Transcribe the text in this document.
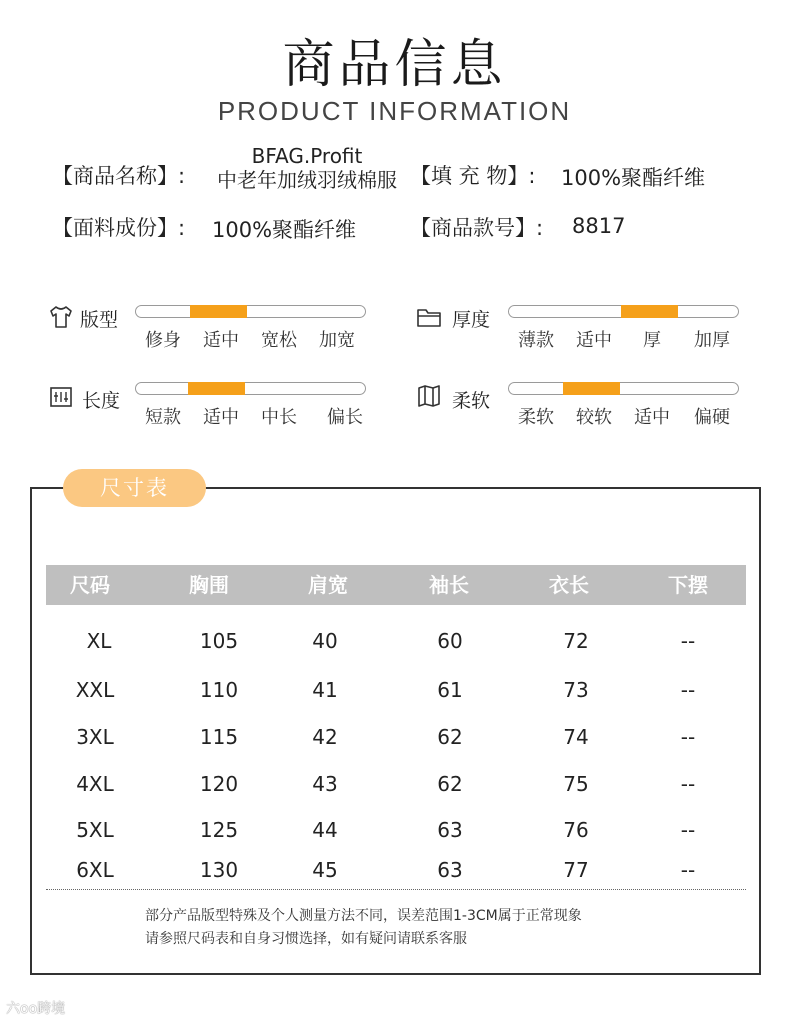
商品信息
PRODUCT INFORMATION
【商品名称】:
BFAG.Profit
中老年加绒羽绒棉服 【填 充 物】: 100%聚酯纤维
【面料成份】: 100%聚酯纤维	【商品款号】: 8817
版型
修身 适中 宽松 加宽
厚度
薄款 适中 厚 加厚
长度
短款 适中 中长 偏长
柔软
柔软 较软 适中 偏硬
尺寸表
尺码	胸围	肩宽	袖长	衣长	下摆
XL	105	40	60	72	--
XXL	110	41	61	73	--
3XL	115	42	62	74	--
4XL	120	43	62	75	--
5XL	125	44	63	76	--
6XL	130	45	63	77	--
部分产品版型特殊及个人测量方法不同，误差范围1-3CM属于正常现象
请参照尺码表和自身习惯选择，如有疑问请联系客服
六oo跨境
